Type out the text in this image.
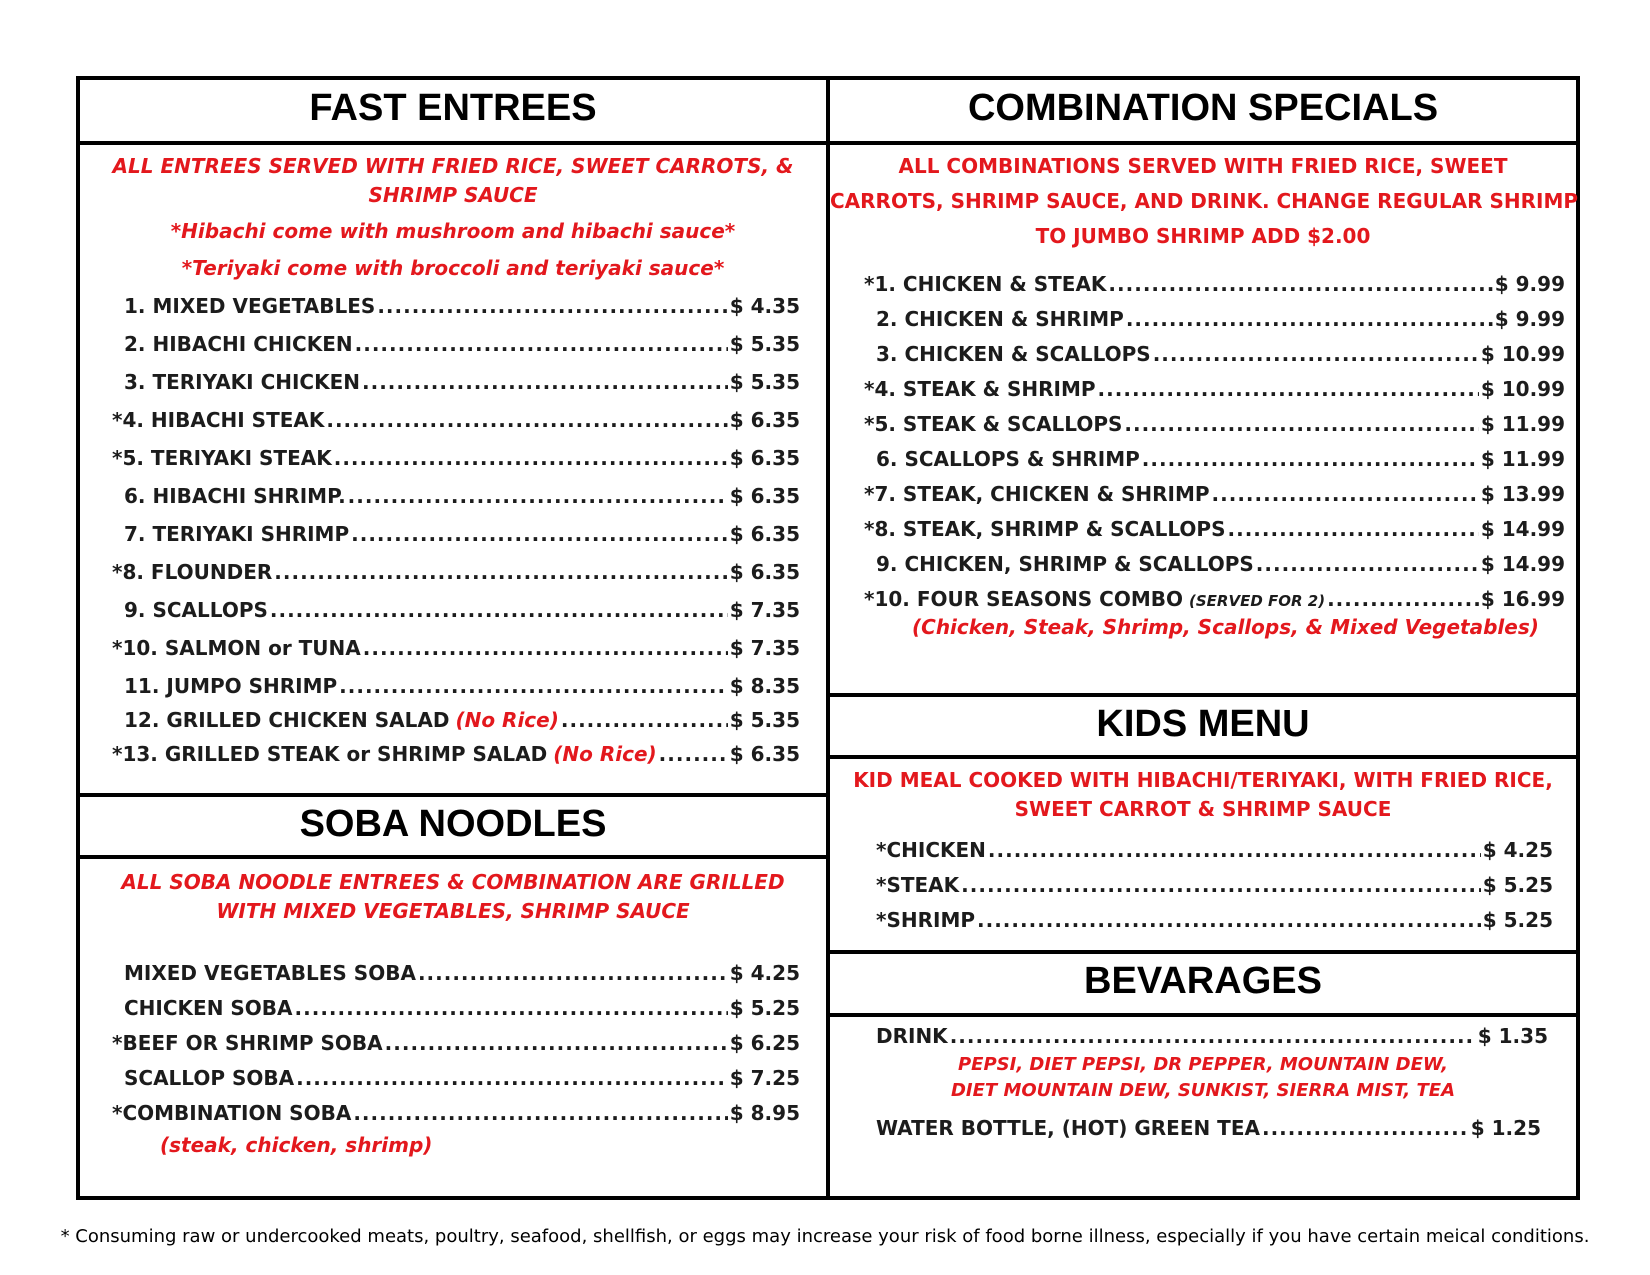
FAST ENTREES
ALL ENTREES SERVED WITH FRIED RICE, SWEET CARROTS, &
SHRIMP SAUCE
*Hibachi come with mushroom and hibachi sauce*
*Teriyaki come with broccoli and teriyaki sauce*
1. MIXED VEGETABLES .....	$ 4.35
2. HIBACHI CHICKEN .....	$ 5.35
3. TERIYAKI CHICKEN .....	$ 5.35
*4. HIBACHI STEAK .....	$ 6.35
*5. TERIYAKI STEAK .....	$ 6.35
6. HIBACHI SHRIMP. .....	$ 6.35
7. TERIYAKI SHRIMP .....	$ 6.35
*8. FLOUNDER .....	$ 6.35
9. SCALLOPS .....	$ 7.35
*10. SALMON or TUNA .....	$ 7.35
11. JUMPO SHRIMP .....	$ 8.35
12. GRILLED CHICKEN SALAD (No Rice) .....	$ 5.35
*13. GRILLED STEAK or SHRIMP SALAD (No Rice) .....	$ 6.35
SOBA NOODLES
ALL SOBA NOODLE ENTREES & COMBINATION ARE GRILLED
WITH MIXED VEGETABLES, SHRIMP SAUCE
MIXED VEGETABLES SOBA .....	$ 4.25
CHICKEN SOBA .....	$ 5.25
*BEEF OR SHRIMP SOBA .....	$ 6.25
SCALLOP SOBA .....	$ 7.25
*COMBINATION SOBA .....	$ 8.95
(steak, chicken, shrimp)
COMBINATION SPECIALS
ALL COMBINATIONS SERVED WITH FRIED RICE, SWEET
CARROTS, SHRIMP SAUCE, AND DRINK. CHANGE REGULAR SHRIMP
TO JUMBO SHRIMP ADD $2.00
*1. CHICKEN & STEAK .....	$ 9.99
2. CHICKEN & SHRIMP .....	$ 9.99
3. CHICKEN & SCALLOPS .....	$ 10.99
*4. STEAK & SHRIMP .....	$ 10.99
*5. STEAK & SCALLOPS .....	$ 11.99
6. SCALLOPS & SHRIMP .....	$ 11.99
*7. STEAK, CHICKEN & SHRIMP .....	$ 13.99
*8. STEAK, SHRIMP & SCALLOPS .....	$ 14.99
9. CHICKEN, SHRIMP & SCALLOPS .....	$ 14.99
*10. FOUR SEASONS COMBO (SERVED FOR 2) .....	$ 16.99
(Chicken, Steak, Shrimp, Scallops, & Mixed Vegetables)
KIDS MENU
KID MEAL COOKED WITH HIBACHI/TERIYAKI, WITH FRIED RICE,
SWEET CARROT & SHRIMP SAUCE
*CHICKEN .....	$ 4.25
*STEAK .....	$ 5.25
*SHRIMP .....	$ 5.25
BEVARAGES
DRINK .....	$ 1.35
PEPSI, DIET PEPSI, DR PEPPER, MOUNTAIN DEW,
DIET MOUNTAIN DEW, SUNKIST, SIERRA MIST, TEA
WATER BOTTLE, (HOT) GREEN TEA .....	$ 1.25
* Consuming raw or undercooked meats, poultry, seafood, shellfish, or eggs may increase your risk of food borne illness, especially if you have certain meical conditions.
